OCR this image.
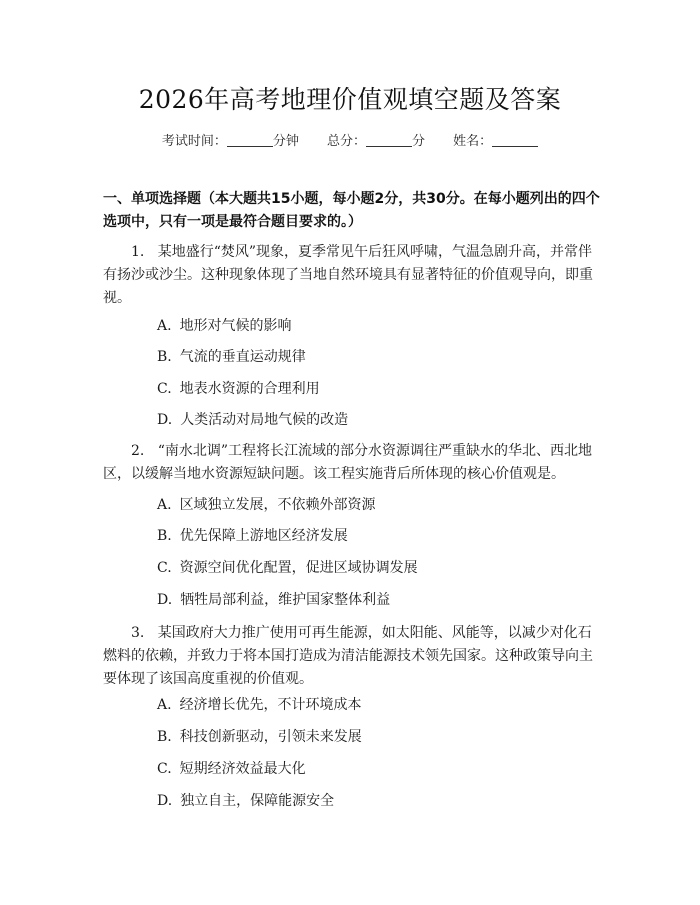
2026年高考地理价值观填空题及答案
考试时间：	分钟 总分：	分 姓名：
一、单项选择题（本大题共15小题，每小题2分，共30分。在每小题列出的四个选项中，只有一项是最符合题目要求的。）
1. 某地盛行“焚风”现象，夏季常见午后狂风呼啸，气温急剧升高，并常伴有扬沙或沙尘。这种现象体现了当地自然环境具有显著特征的价值观导向，即重视。
A. 地形对气候的影响
B. 气流的垂直运动规律
C. 地表水资源的合理利用
D. 人类活动对局地气候的改造
2. “南水北调”工程将长江流域的部分水资源调往严重缺水的华北、西北地区，以缓解当地水资源短缺问题。该工程实施背后所体现的核心价值观是。
A. 区域独立发展，不依赖外部资源
B. 优先保障上游地区经济发展
C. 资源空间优化配置，促进区域协调发展
D. 牺牲局部利益，维护国家整体利益
3. 某国政府大力推广使用可再生能源，如太阳能、风能等，以减少对化石燃料的依赖，并致力于将本国打造成为清洁能源技术领先国家。这种政策导向主要体现了该国高度重视的价值观。
A. 经济增长优先，不计环境成本
B. 科技创新驱动，引领未来发展
C. 短期经济效益最大化
D. 独立自主，保障能源安全
